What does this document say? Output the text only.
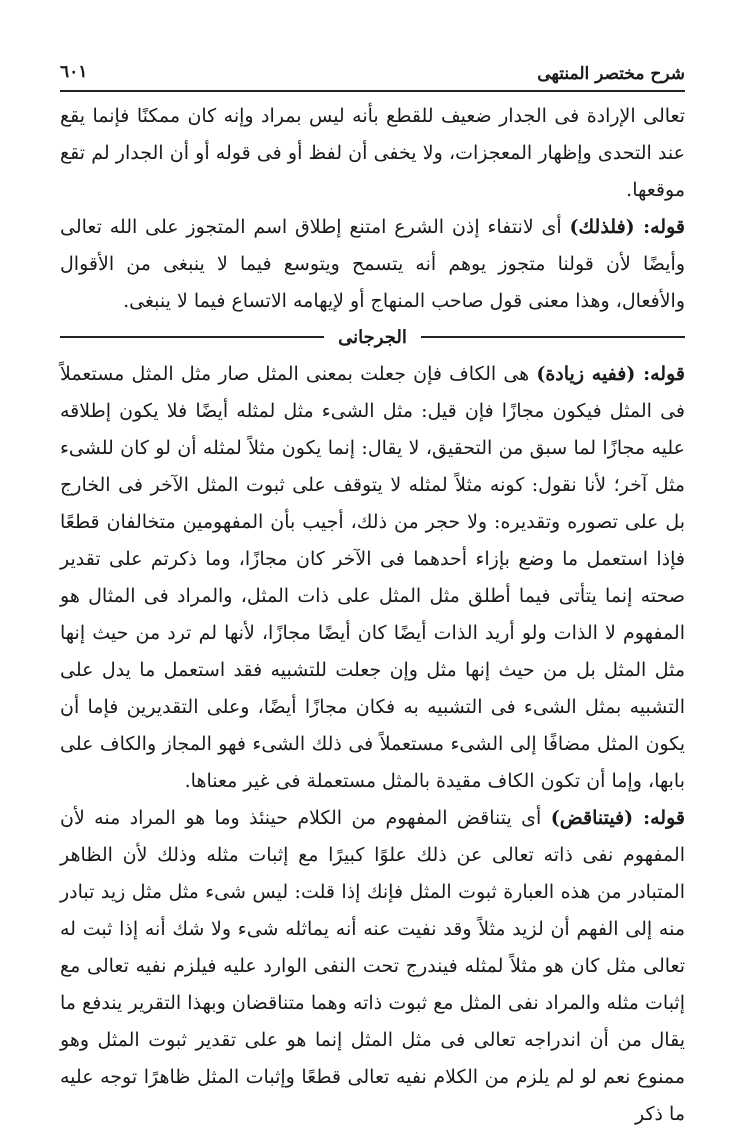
شرح مختصر المنتهى
٦٠١

تعالى الإرادة فى الجدار ضعيف للقطع بأنه ليس بمراد وإنه كان ممكنًا فإنما يقع عند التحدى وإظهار المعجزات، ولا يخفى أن لفظ أو فى قوله أو أن الجدار لم تقع موقعها.

قوله: (فلذلك) أى لانتفاء إذن الشرع امتنع إطلاق اسم المتجوز على الله تعالى وأيضًا لأن قولنا متجوز يوهم أنه يتسمح ويتوسع فيما لا ينبغى من الأقوال والأفعال، وهذا معنى قول صاحب المنهاج أو لإيهامه الاتساع فيما لا ينبغى.

الجرجانى

قوله: (ففيه زيادة) هى الكاف فإن جعلت بمعنى المثل صار مثل المثل مستعملاً فى المثل فيكون مجازًا فإن قيل: مثل الشىء مثل لمثله أيضًا فلا يكون إطلاقه عليه مجازًا لما سبق من التحقيق، لا يقال: إنما يكون مثلاً لمثله أن لو كان للشىء مثل آخر؛ لأنا نقول: كونه مثلاً لمثله لا يتوقف على ثبوت المثل الآخر فى الخارج بل على تصوره وتقديره: ولا حجر من ذلك، أجيب بأن المفهومين متخالفان قطعًا فإذا استعمل ما وضع بإزاء أحدهما فى الآخر كان مجازًا، وما ذكرتم على تقدير صحته إنما يتأتى فيما أطلق مثل المثل على ذات المثل، والمراد فى المثال هو المفهوم لا الذات ولو أريد الذات أيضًا كان أيضًا مجازًا، لأنها لم ترد من حيث إنها مثل المثل بل من حيث إنها مثل وإن جعلت للتشبيه فقد استعمل ما يدل على التشبيه بمثل الشىء فى التشبيه به فكان مجازًا أيضًا، وعلى التقديرين فإما أن يكون المثل مضافًا إلى الشىء مستعملاً فى ذلك الشىء فهو المجاز والكاف على بابها، وإما أن تكون الكاف مقيدة بالمثل مستعملة فى غير معناها.

قوله: (فيتناقض) أى يتناقض المفهوم من الكلام حينئذ وما هو المراد منه لأن المفهوم نفى ذاته تعالى عن ذلك علوًا كبيرًا مع إثبات مثله وذلك لأن الظاهر المتبادر من هذه العبارة ثبوت المثل فإنك إذا قلت: ليس شىء مثل مثل زيد تبادر منه إلى الفهم أن لزيد مثلاً وقد نفيت عنه أنه يماثله شىء ولا شك أنه إذا ثبت له تعالى مثل كان هو مثلاً لمثله فيندرج تحت النفى الوارد عليه فيلزم نفيه تعالى مع إثبات مثله والمراد نفى المثل مع ثبوت ذاته وهما متناقضان وبهذا التقرير يندفع ما يقال من أن اندراجه تعالى فى مثل المثل إنما هو على تقدير ثبوت المثل وهو ممنوع نعم لو لم يلزم من الكلام نفيه تعالى قطعًا وإثبات المثل ظاهرًا توجه عليه ما ذكر
